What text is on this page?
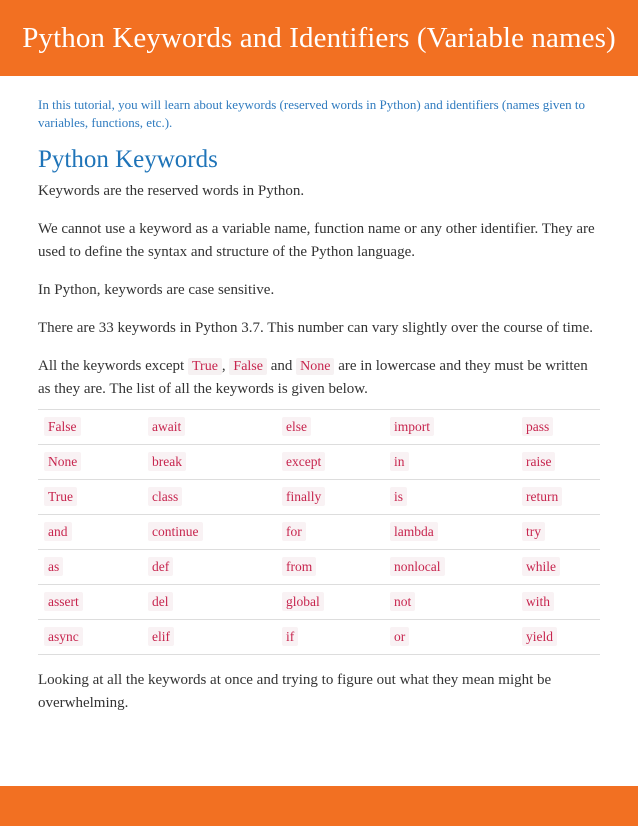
Python Keywords and Identifiers (Variable names)

In this tutorial, you will learn about keywords (reserved words in Python) and identifiers (names given to variables, functions, etc.).

Python Keywords

Keywords are the reserved words in Python.

We cannot use a keyword as a variable name, function name or any other identifier. They are used to define the syntax and structure of the Python language.

In Python, keywords are case sensitive.

There are 33 keywords in Python 3.7. This number can vary slightly over the course of time.

All the keywords except True , False and None are in lowercase and they must be written as they are. The list of all the keywords is given below.

False	await	else	import	pass
None	break	except	in	raise
True	class	finally	is	return
and	continue	for	lambda	try
as	def	from	nonlocal	while
assert	del	global	not	with
async	elif	if	or	yield

Looking at all the keywords at once and trying to figure out what they mean might be overwhelming.
